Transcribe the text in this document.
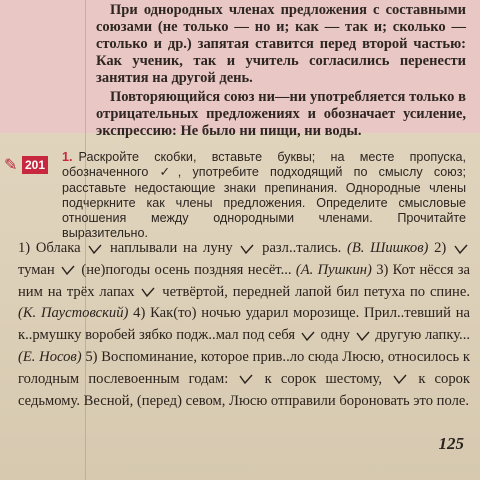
При однородных членах предложения с составными союзами (не только — но и; как — так и; сколько — столько и др.) запятая ставится перед второй частью: Как ученик, так и учитель согласились перенести занятия на другой день.

Повторяющийся союз ни—ни употребляется только в отрицательных предложениях и обозначает усиление, экспрессию: Не было ни пищи, ни воды.

✎ 201
1. Раскройте скобки, вставьте буквы; на месте пропуска, обозначенного ✓, употребите подходящий по смыслу союз; расставьте недостающие знаки препинания. Однородные члены подчеркните как члены предложения. Определите смысловые отношения между однородными членами. Прочитайте выразительно.
1) Облака наплывали на луну разл..тались. (В. Шишков) 2)
туман (не)погоды осень поздняя несёт... (А. Пушкин) 3) Кот нёсся за ним на трёх лапах четвёртой, передней лапой бил петуха по спине. (К. Паустовский) 4) Как(то) ночью ударил морозище. Прил..тевший на к..рмушку воробей зябко подж..мал под себя одну другую лапку... (Е. Носов) 5) Воспоминание, которое прив..ло сюда Люсю, относилось к голодным послевоенным годам: к сорок шестому, к сорок седьмому. Весной, (перед) севом, Люсю отправили бороновать это поле.
125
